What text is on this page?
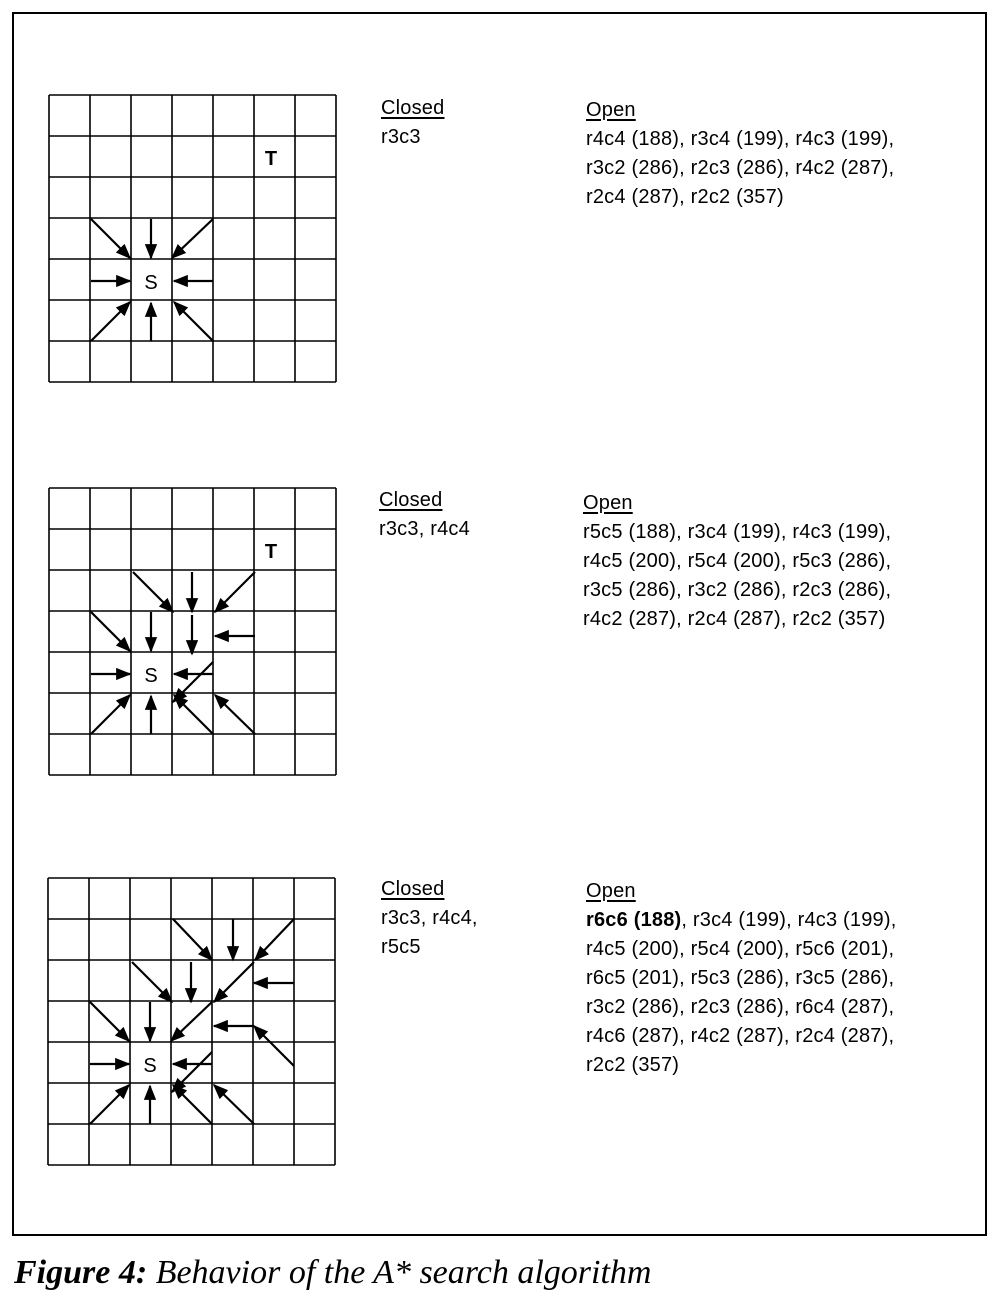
S
T
Closed
r3c3
Open
r4c4 (188), r3c4 (199), r4c3 (199),
r3c2 (286), r2c3 (286), r4c2 (287),
r2c4 (287), r2c2 (357)
S
T
Closed
r3c3, r4c4
Open
r5c5 (188), r3c4 (199), r4c3 (199),
r4c5 (200), r5c4 (200), r5c3 (286),
r3c5 (286), r3c2 (286), r2c3 (286),
r4c2 (287), r2c4 (287), r2c2 (357)
S
Closed
r3c3, r4c4,
r5c5
Open
r6c6 (188), r3c4 (199), r4c3 (199),
r4c5 (200), r5c4 (200), r5c6 (201),
r6c5 (201), r5c3 (286), r3c5 (286),
r3c2 (286), r2c3 (286), r6c4 (287),
r4c6 (287), r4c2 (287), r2c4 (287),
r2c2 (357)
Figure 4: Behavior of the A* search algorithm
